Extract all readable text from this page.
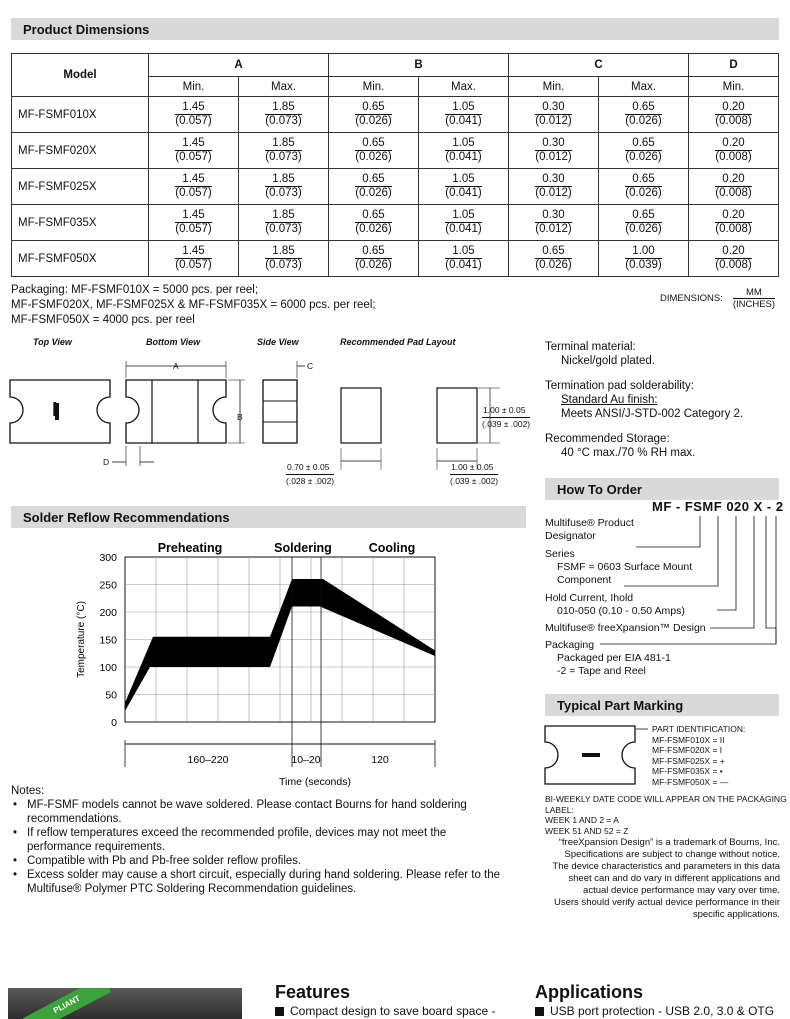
Product Dimensions
Model	A		B		C		D
	Min.	Max.	Min.	Max.	Min.	Max.	Min.
MF-FSMF010X	$\frac{1.45}{(0.057)}$	$\frac{1.85}{(0.073)}$	$\frac{0.65}{(0.026)}$	$\frac{1.05}{(0.041)}$	$\frac{0.30}{(0.012)}$	$\frac{0.65}{(0.026)}$	$\frac{0.20}{(0.008)}$

MF-FSMF020X	$\frac{1.45}{(0.057)}$	$\frac{1.85}{(0.073)}$	$\frac{0.65}{(0.026)}$	$\frac{1.05}{(0.041)}$	$\frac{0.30}{(0.012)}$	$\frac{0.65}{(0.026)}$	$\frac{0.20}{(0.008)}$

MF-FSMF025X	$\frac{1.45}{(0.057)}$	$\frac{1.85}{(0.073)}$	$\frac{0.65}{(0.026)}$	$\frac{1.05}{(0.041)}$	$\frac{0.30}{(0.012)}$	$\frac{0.65}{(0.026)}$	$\frac{0.20}{(0.008)}$

MF-FSMF035X	$\frac{1.45}{(0.057)}$	$\frac{1.85}{(0.073)}$	$\frac{0.65}{(0.026)}$	$\frac{1.05}{(0.041)}$	$\frac{0.30}{(0.012)}$	$\frac{0.65}{(0.026)}$	$\frac{0.20}{(0.008)}$

MF-FSMF050X	$\frac{1.45}{(0.057)}$	$\frac{1.85}{(0.073)}$	$\frac{0.65}{(0.026)}$	$\frac{1.05}{(0.041)}$	$\frac{0.65}{(0.026)}$	$\frac{1.00}{(0.039)}$	$\frac{0.20}{(0.008)}$
Packaging: MF-FSMF010X = 5000 pcs. per reel;
MF-FSMF020X, MF-FSMF025X & MF-FSMF035X = 6000 pcs. per reel;
MF-FSMF050X = 4000 pcs. per reel
DIMENSIONS: $\frac{MM}{\text{(INCHES)}}$
Top View	Bottom View	Side View	Recommended Pad Layout
A
B
C
D
I	$\frac{1.00 \pm 0.05}{(.039 \pm .002)}$
$\frac{0.70 \pm 0.05}{(.028 \pm .002)}$	$\frac{1.00 \pm 0.05}{(.039 \pm .002)}$
Terminal material:
Nickel/gold plated.
Termination pad solderability:
Standard Au finish:
Meets ANSI/J-STD-002 Category 2.
Recommended Storage:
40 °C max./70 % RH max.
How To Order
MF - FSMF 020 X - 2
Multifuse® Product
Designator
Series
FSMF = 0603 Surface Mount
Component
Hold Current, Ihold
010-050 (0.10 - 0.50 Amps)
Multifuse® freeXpansion™ Design
Packaging
Packaged per EIA 481-1
-2 = Tape and Reel
Typical Part Marking
PART IDENTIFICATION:
MF-FSMF010X = II
MF-FSMF020X = I
MF-FSMF025X = +
MF-FSMF035X = •
MF-FSMF050X = —
BI-WEEKLY DATE CODE WILL APPEAR ON THE PACKAGING LABEL:
WEEK 1 AND 2 = A
WEEK 51 AND 52 = Z
Solder Reflow Recommendations
300
250
200
150
100
50
0
Preheating	Soldering	Cooling
160–220	10–20	120
Time (seconds)
Temperature (°C)
Notes:
• MF-FSMF models cannot be wave soldered. Please contact Bourns for hand soldering recommendations.
• If reflow temperatures exceed the recommended profile, devices may not meet the performance requirements.
• Compatible with Pb and Pb-free solder reflow profiles.
• Excess solder may cause a short circuit, especially during hand soldering. Please refer to the Multifuse® Polymer PTC Soldering Recommendation guidelines.
“freeXpansion Design” is a trademark of Bourns, Inc.
Specifications are subject to change without notice.
The device characteristics and parameters in this data
sheet can and do vary in different applications and
actual device performance may vary over time.
Users should verify actual device performance in their
specific applications.
PLIANT
Features
Compact design to save board space -
Applications
USB port protection - USB 2.0, 3.0 & OTG
